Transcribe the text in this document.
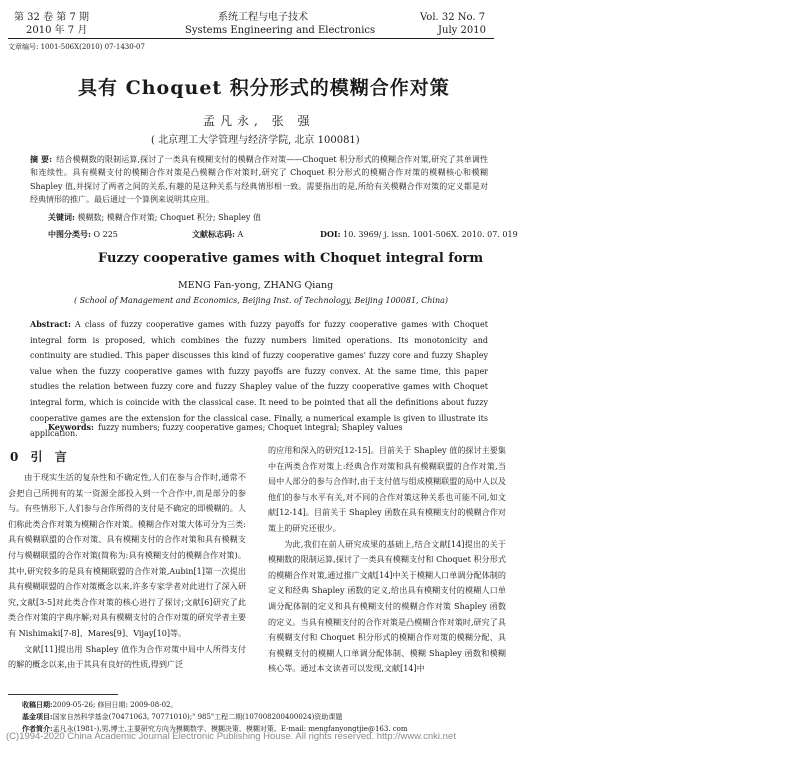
第 32 卷 第 7 期
2010 年 7 月
系统工程与电子技术
Systems Engineering and Electronics
Vol. 32 No. 7
July 2010
文章编号: 1001-506X(2010) 07-1430-07
具有 Choquet 积分形式的模糊合作对策
孟凡永, 张 强
( 北京理工大学管理与经济学院, 北京 100081)
摘 要: 结合模糊数的限制运算,探讨了一类具有模糊支付的模糊合作对策——Choquet 积分形式的模糊合作对策,研究了其单调性和连续性。具有模糊支付的模糊合作对策是凸模糊合作对策时,研究了 Choquet 积分形式的模糊合作对策的模糊核心和模糊 Shapley 值,并探讨了两者之间的关系,有趣的是这种关系与经典情形相一致。需要指出的是,所给有关模糊合作对策的定义都是对经典情形的推广。最后通过一个算例来说明其应用。
关键词: 模糊数; 模糊合作对策; Choquet 积分; Shapley 值
中图分类号: O 225	文献标志码: A	DOI: 10. 3969/ j. issn. 1001-506X. 2010. 07. 019
Fuzzy cooperative games with Choquet integral form
MENG Fan-yong, ZHANG Qiang
( School of Management and Economics, Beijing Inst. of Technology, Beijing 100081, China)
Abstract: A class of fuzzy cooperative games with fuzzy payoffs for fuzzy cooperative games with Choquet integral form is proposed, which combines the fuzzy numbers limited operations. Its monotonicity and continuity are studied. This paper discusses this kind of fuzzy cooperative games' fuzzy core and fuzzy Shapley value when the fuzzy cooperative games with fuzzy payoffs are fuzzy convex. At the same time, this paper studies the relation between fuzzy core and fuzzy Shapley value of the fuzzy cooperative games with Choquet integral form, which is coincide with the classical case. It need to be pointed that all the definitions about fuzzy cooperative games are the extension for the classical case. Finally, a numerical example is given to illustrate its application.
Keywords: fuzzy numbers; fuzzy cooperative games; Choquet integral; Shapley values
0 引 言

由于现实生活的复杂性和不确定性,人们在参与合作时,通常不会把自己所拥有的某一资源全部投入到一个合作中,而是部分的参与。有些情形下,人们参与合作所得的支付是不确定的即模糊的。人们称此类合作对策为模糊合作对策。模糊合作对策大体可分为三类:具有模糊联盟的合作对策、具有模糊支付的合作对策和具有模糊支付与模糊联盟的合作对策(简称为:具有模糊支付的模糊合作对策)。其中,研究较多的是具有模糊联盟的合作对策,Aubin[1]第一次提出具有模糊联盟的合作对策概念以来,许多专家学者对此进行了深入研究,文献[3-5]对此类合作对策的核心进行了探讨;文献[6]研究了此类合作对策的字典序解;对具有模糊支付的合作对策的研究学者主要有 Nishimaki[7-8]、Mares[9]、Vijay[10]等。

文献[11]提出用 Shapley 值作为合作对策中局中人所得支付的解的概念以来,由于其具有良好的性质,得到广泛

的应用和深入的研究[12-15]。目前关于 Shapley 值的探讨主要集中在两类合作对策上:经典合作对策和具有模糊联盟的合作对策,当局中人部分的参与合作时,由于支付值与组成模糊联盟的局中人以及他们的参与水平有关,对不同的合作对策这种关系也可能不同,如文献[12-14]。目前关于 Shapley 函数在具有模糊支付的模糊合作对策上的研究还很少。

为此,我们在前人研究成果的基础上,结合文献[14]提出的关于模糊数的限制运算,探讨了一类具有模糊支付和 Choquet 积分形式的模糊合作对策,通过推广文献[14]中关于模糊人口单调分配体制的定义和经典 Shapley 函数的定义,给出具有模糊支付的模糊人口单调分配体制的定义和具有模糊支付的模糊合作对策 Shapley 函数的定义。当具有模糊支付的合作对策是凸模糊合作对策时,研究了具有模糊支付和 Choquet 积分形式的模糊合作对策的模糊分配、具有模糊支付的模糊人口单调分配体制、模糊 Shapley 函数和模糊核心等。通过本文读者可以发现,文献[14]中

收稿日期:2009-05-26; 修回日期: 2009-08-02。
基金项目:国家自然科学基金(70471063, 70771010);" 985"工程二期(107008200400024)资助课题
作者简介:孟凡永(1981-),男,博士,主要研究方向为模糊数学、模糊决策、模糊对策。E-mail: mengfanyongtjie@163. com
(C)1994-2020 China Academic Journal Electronic Publishing House. All rights reserved. http://www.cnki.net
